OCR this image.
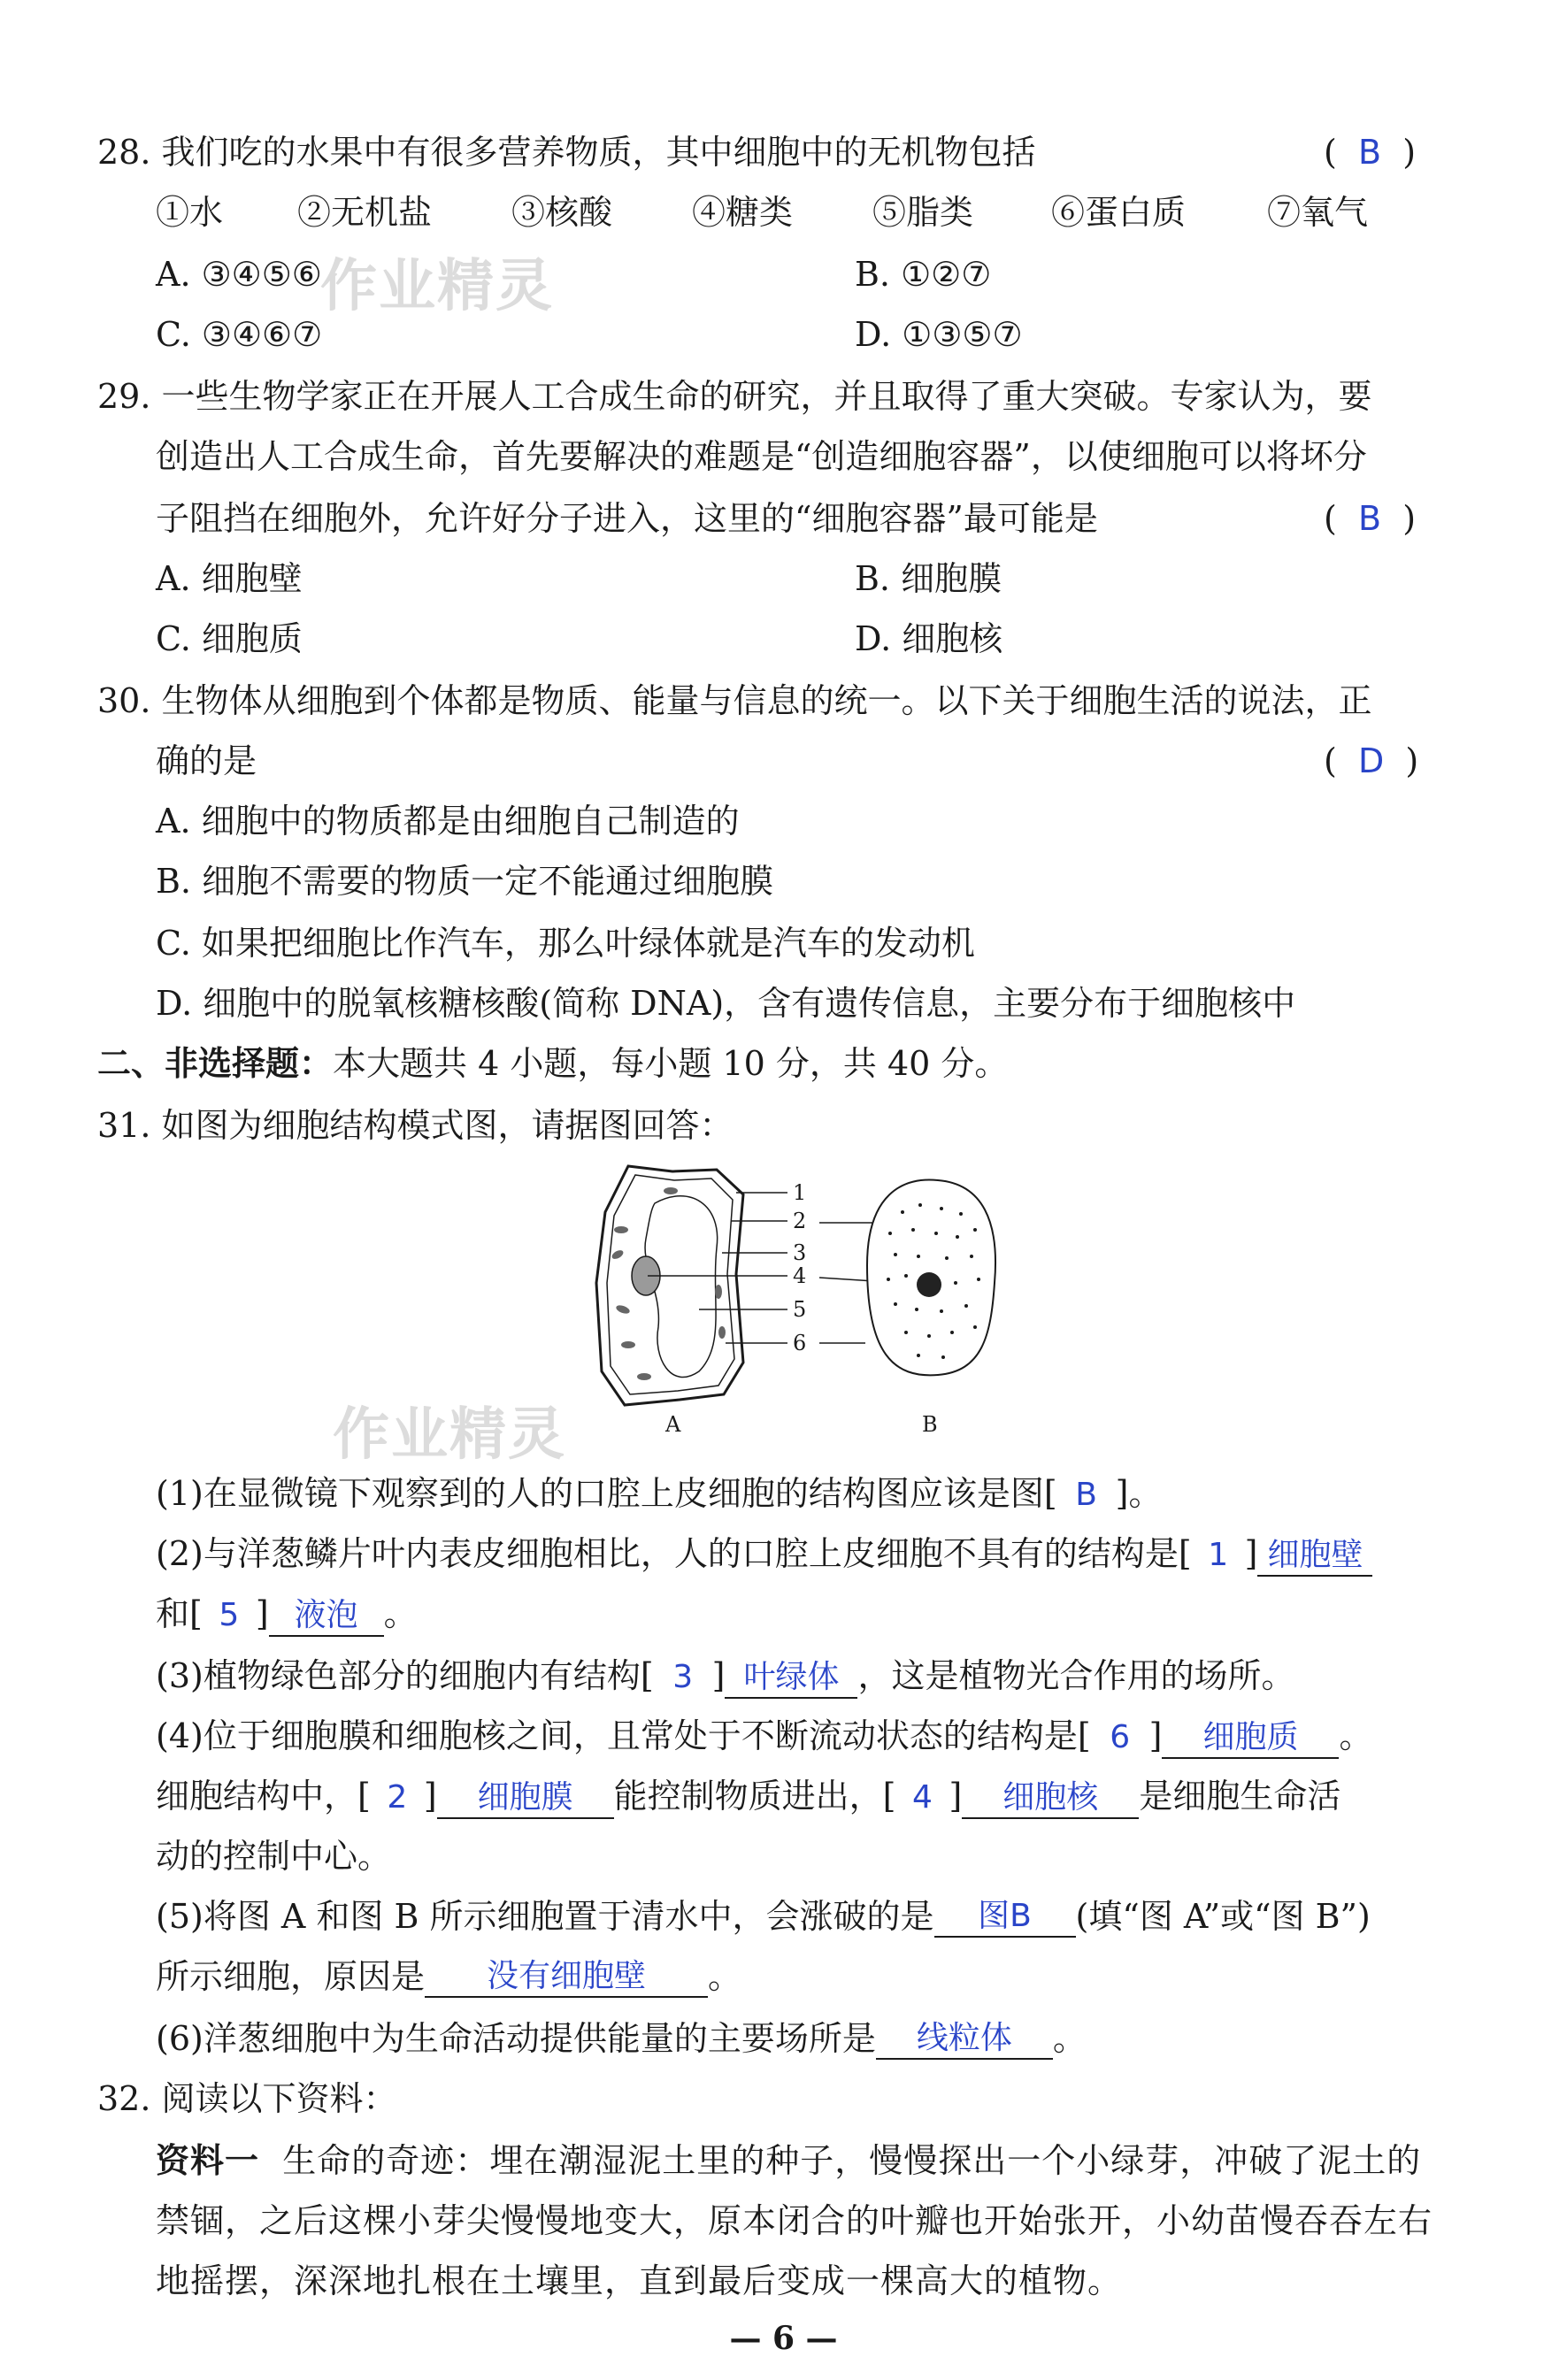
28. 我们吃的水果中有很多营养物质，其中细胞中的无机物包括	(  B  )
①水 ②无机盐 ③核酸 ④糖类 ⑤脂类 ⑥蛋白质 ⑦氧气
A. ③④⑤⑥	B. ①②⑦
C. ③④⑥⑦	D. ①③⑤⑦
作业精灵
29. 一些生物学家正在开展人工合成生命的研究，并且取得了重大突破。专家认为，要
创造出人工合成生命，首先要解决的难题是“创造细胞容器”，以使细胞可以将坏分
子阻挡在细胞外，允许好分子进入，这里的“细胞容器”最可能是	(  B  )
A. 细胞壁	B. 细胞膜
C. 细胞质	D. 细胞核
30. 生物体从细胞到个体都是物质、能量与信息的统一。以下关于细胞生活的说法，正
确的是	(  D  )
A. 细胞中的物质都是由细胞自己制造的
B. 细胞不需要的物质一定不能通过细胞膜
C. 如果把细胞比作汽车，那么叶绿体就是汽车的发动机
D. 细胞中的脱氧核糖核酸(简称 DNA)，含有遗传信息，主要分布于细胞核中
二、非选择题：本大题共 4 小题，每小题 10 分，共 40 分。
31. 如图为细胞结构模式图，请据图回答：
1
2
3
4
5
6
A	B
作业精灵
(1)在显微镜下观察到的人的口腔上皮细胞的结构图应该是图[ B ]。
(2)与洋葱鳞片叶内表皮细胞相比，人的口腔上皮细胞不具有的结构是[ 1 ] 细胞壁
和[ 5 ] 液泡 。
(3)植物绿色部分的细胞内有结构[ 3 ] 叶绿体 ，这是植物光合作用的场所。
(4)位于细胞膜和细胞核之间，且常处于不断流动状态的结构是[ 6 ] 细胞质 。
细胞结构中，[ 2 ] 细胞膜 能控制物质进出，[ 4 ] 细胞核 是细胞生命活
动的控制中心。
(5)将图 A 和图 B 所示细胞置于清水中，会涨破的是 图B (填“图 A”或“图 B”)
所示细胞，原因是 没有细胞壁 。
(6)洋葱细胞中为生命活动提供能量的主要场所是 线粒体 。
32. 阅读以下资料：
资料一 生命的奇迹：埋在潮湿泥土里的种子，慢慢探出一个小绿芽，冲破了泥土的
禁锢，之后这棵小芽尖慢慢地变大，原本闭合的叶瓣也开始张开，小幼苗慢吞吞左右
地摇摆，深深地扎根在土壤里，直到最后变成一棵高大的植物。
— 6 —
